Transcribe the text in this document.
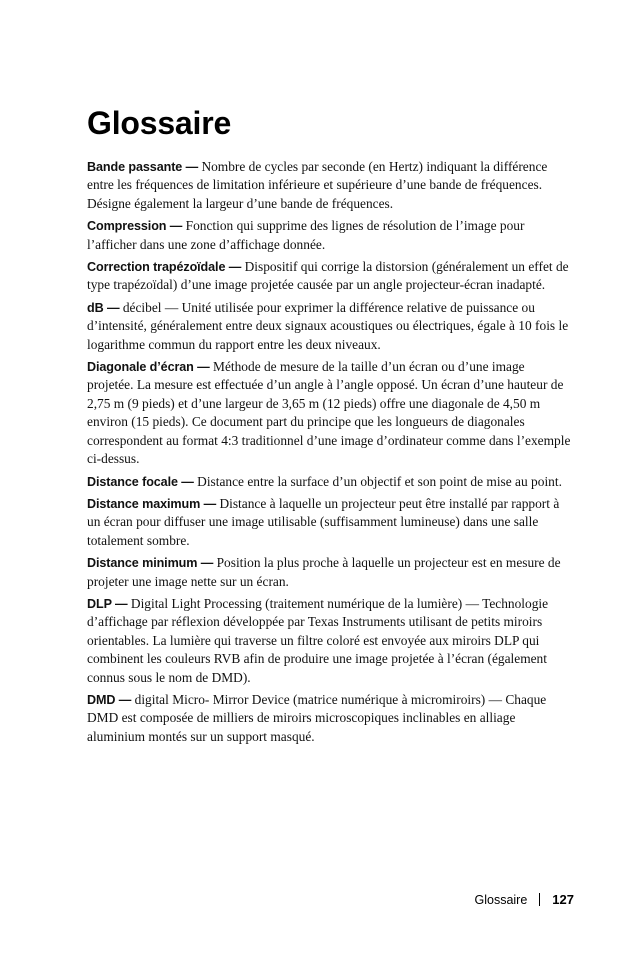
Glossaire

Bande passante — Nombre de cycles par seconde (en Hertz) indiquant la différence entre les fréquences de limitation inférieure et supérieure d’une bande de fréquences. Désigne également la largeur d’une bande de fréquences.

Compression — Fonction qui supprime des lignes de résolution de l’image pour l’afficher dans une zone d’affichage donnée.

Correction trapézoïdale — Dispositif qui corrige la distorsion (généralement un effet de type trapézoïdal) d’une image projetée causée par un angle projecteur-écran inadapté.

dB — décibel — Unité utilisée pour exprimer la différence relative de puissance ou d’intensité, généralement entre deux signaux acoustiques ou électriques, égale à 10 fois le logarithme commun du rapport entre les deux niveaux.

Diagonale d’écran — Méthode de mesure de la taille d’un écran ou d’une image projetée. La mesure est effectuée d’un angle à l’angle opposé. Un écran d’une hauteur de 2,75 m (9 pieds) et d’une largeur de 3,65 m (12 pieds) offre une diagonale de 4,50 m environ (15 pieds). Ce document part du principe que les longueurs de diagonales correspondent au format 4:3 traditionnel d’une image d’ordinateur comme dans l’exemple ci-dessus.

Distance focale — Distance entre la surface d’un objectif et son point de mise au point.

Distance maximum — Distance à laquelle un projecteur peut être installé par rapport à un écran pour diffuser une image utilisable (suffisamment lumineuse) dans une salle totalement sombre.

Distance minimum — Position la plus proche à laquelle un projecteur est en mesure de projeter une image nette sur un écran.

DLP — Digital Light Processing (traitement numérique de la lumière) — Technologie d’affichage par réflexion développée par Texas Instruments utilisant de petits miroirs orientables. La lumière qui traverse un filtre coloré est envoyée aux miroirs DLP qui combinent les couleurs RVB afin de produire une image projetée à l’écran (également connus sous le nom de DMD).

DMD — digital Micro- Mirror Device (matrice numérique à micromiroirs) — Chaque DMD est composée de milliers de miroirs microscopiques inclinables en alliage aluminium montés sur un support masqué.

Glossaire 127
